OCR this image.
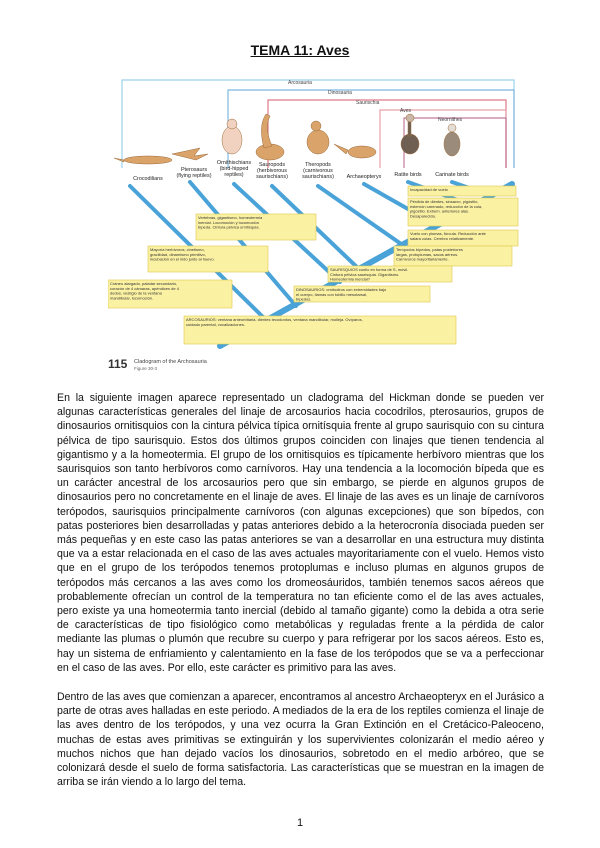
TEMA 11: Aves
Arcosauria
Dinosauria
Saurischia
Aves
Neornithes
Crocodilians
Pterosaurs (flying reptiles)
Ornithischians (bird-hipped reptiles)
Sauropods (herbivorous saurischians)
Theropods (carnivorous saurischians) Archaeopteryx Ratite birds	Carinate birds
Incapacidad de vuelo
Pérdida de dientes, sinsacro, pigóstilo, esternón carenado, reducción de la cola, pigóstilo. Extrem. anteriores alas. Desaparecida.
Vuelo con plumas, fúrcula. Reducción ante salara colas. Cerebro relativamente.
Vertebras, gigantismo, homeotermia inercial. Locomoción y locomoción bípeda. Cintura pélvica ornitísquia.
Terópodos bípedos, patas posteriores largas, protoplumas, sacos aéreos. Carnívoros mayoritariamente.
Mayoría herbívoros, cinetismo, gracilidad, dinamismo primitivo, incubación en el nido junto al huevo.
SAURISQUIOS cuello en forma de S, móvil. Cintura pélvica saurisquia. Gigantismo. Homeotermia inercial?
Cráneo alargado, paladar secundario, corazón de 4 cámaras, apéndices de 4 dedos, vestigio de la ventana mandibular, locomoción.
DINOSAURIOS: ornitodiros con extremidades bajo el cuerpo, llamas con tobillo mesotarsal, bípedos.
ARCOSAURIOS: ventana anteorbitaria, dientes tecodontos, ventana mandibular, molleja. Ovíparos, cuidado parental, vocalizaciones.
115 Cladogram of the Archosauria
Figure 30-3

En la siguiente imagen aparece representado un cladograma del Hickman donde se pueden ver algunas características generales del linaje de arcosaurios hacia cocodrilos, pterosaurios, grupos de dinosaurios ornitisquios con la cintura pélvica típica ornitísquia frente al grupo saurisquio con su cintura pélvica de tipo saurisquio. Estos dos últimos grupos coinciden con linajes que tienen tendencia al gigantismo y a la homeotermia. El grupo de los ornitisquios es típicamente herbívoro mientras que los saurisquios son tanto herbívoros como carnívoros. Hay una tendencia a la locomoción bípeda que es un carácter ancestral de los arcosaurios pero que sin embargo, se pierde en algunos grupos de dinosaurios pero no concretamente en el linaje de aves. El linaje de las aves es un linaje de carnívoros terópodos, saurisquios principalmente carnívoros (con algunas excepciones) que son bípedos, con patas posteriores bien desarrolladas y patas anteriores debido a la heterocronía disociada pueden ser más pequeñas y en este caso las patas anteriores se van a desarrollar en una estructura muy distinta que va a estar relacionada en el caso de las aves actuales mayoritariamente con el vuelo. Hemos visto que en el grupo de los terópodos tenemos protoplumas e incluso plumas en algunos grupos de terópodos más cercanos a las aves como los dromeosáuridos, también tenemos sacos aéreos que probablemente ofrecían un control de la temperatura no tan eficiente como el de las aves actuales, pero existe ya una homeotermia tanto inercial (debido al tamaño gigante) como la debida a otra serie de características de tipo fisiológico como metabólicas y reguladas frente a la pérdida de calor mediante las plumas o plumón que recubre su cuerpo y para refrigerar por los sacos aéreos. Esto es, hay un sistema de enfriamiento y calentamiento en la fase de los terópodos que se va a perfeccionar en el caso de las aves. Por ello, este carácter es primitivo para las aves.

Dentro de las aves que comienzan a aparecer, encontramos al ancestro Archaeopteryx en el Jurásico a parte de otras aves halladas en este periodo. A mediados de la era de los reptiles comienza el linaje de las aves dentro de los terópodos, y una vez ocurra la Gran Extinción en el Cretácico-Paleoceno, muchas de estas aves primitivas se extinguirán y los supervivientes colonizarán el medio aéreo y muchos nichos que han dejado vacíos los dinosaurios, sobretodo en el medio arbóreo, que se colonizará desde el suelo de forma satisfactoria. Las características que se muestran en la imagen de arriba se irán viendo a lo largo del tema.

1
